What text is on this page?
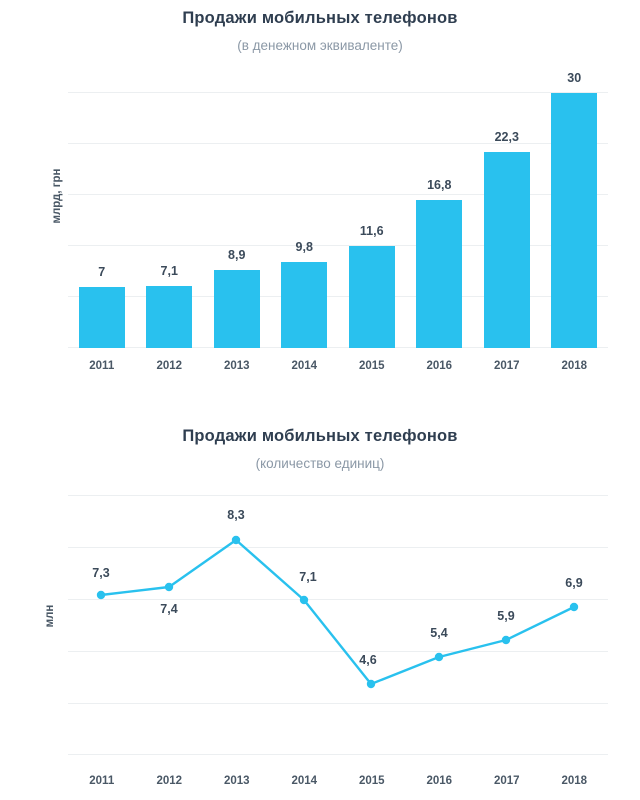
Продажи мобильных телефонов
(в денежном эквиваленте)
млрд, грн
7	7,1
8,9
9,8
11,6
16,8
22,3
30
2011	2012	2013	2014	2015	2016	2017	2018
Продажи мобильных телефонов
(количество единиц)
млн
7,3
7,4
8,3
7,1
4,6
5,4
5,9
6,9
2011	2012	2013	2014	2015	2016	2017	2018
